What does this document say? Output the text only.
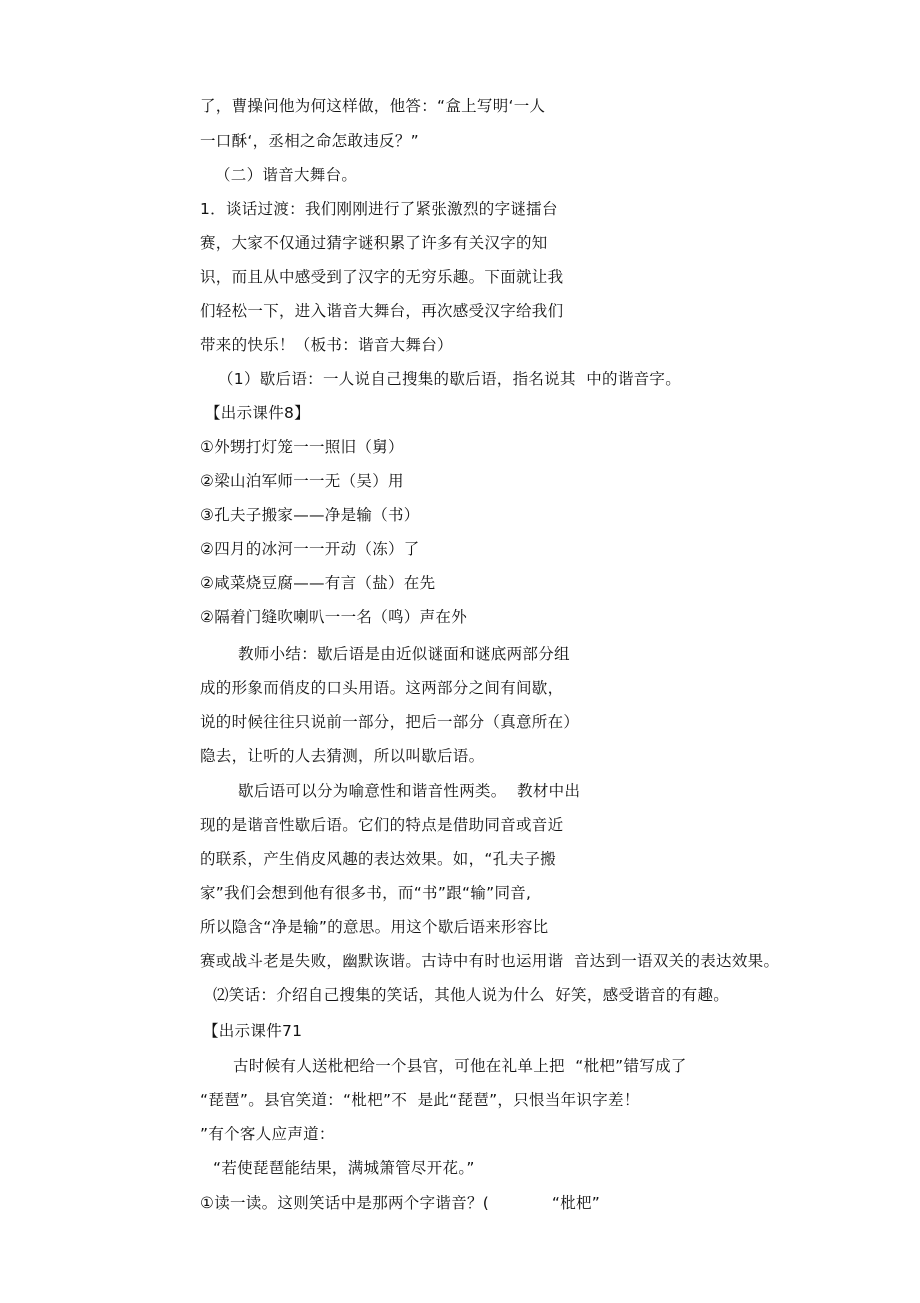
了，曹操问他为何这样做，他答：“盒上写明‘一人
一口酥‘，丞相之命怎敢违反？”
（二）谐音大舞台。
1．谈话过渡：我们刚刚进行了紧张激烈的字谜擂台
赛，大家不仅通过猜字谜积累了许多有关汉字的知
识，而且从中感受到了汉字的无穷乐趣。下面就让我
们轻松一下，进入谐音大舞台，再次感受汉字给我们
带来的快乐！（板书：谐音大舞台）
（1）歇后语：一人说自己搜集的歇后语，指名说其  中的谐音字。
【出示课件8】
①外甥打灯笼一一照旧（舅）
②梁山泊军师一一无（吴）用
③孔夫子搬家——净是输（书）
②四月的冰河一一开动（冻）了
②咸菜烧豆腐——有言（盐）在先
②隔着门缝吹喇叭一一名（鸣）声在外
教师小结：歇后语是由近似谜面和谜底两部分组
成的形象而俏皮的口头用语。这两部分之间有间歇，
说的时候往往只说前一部分，把后一部分（真意所在）
隐去，让听的人去猜测，所以叫歇后语。
歇后语可以分为喻意性和谐音性两类。  教材中出
现的是谐音性歇后语。它们的特点是借助同音或音近
的联系，产生俏皮风趣的表达效果。如，“孔夫子搬
家”我们会想到他有很多书，而“书”跟“输”同音,
所以隐含“净是输”的意思。用这个歇后语来形容比
赛或战斗老是失败，幽默诙谐。古诗中有时也运用谐  音达到一语双关的表达效果。
⑵笑话：介绍自己搜集的笑话，其他人说为什么  好笑，感受谐音的有趣。
【出示课件71
古时候有人送枇杷给一个县官，可他在礼单上把  “枇杷”错写成了
“琵琶”。县官笑道：“枇杷”不  是此“琵琶”，只恨当年识字差！
”有个客人应声道：
“若使琵琶能结果，满城箫管尽开花。”
①读一读。这则笑话中是那两个字谐音？(            “枇杷”
